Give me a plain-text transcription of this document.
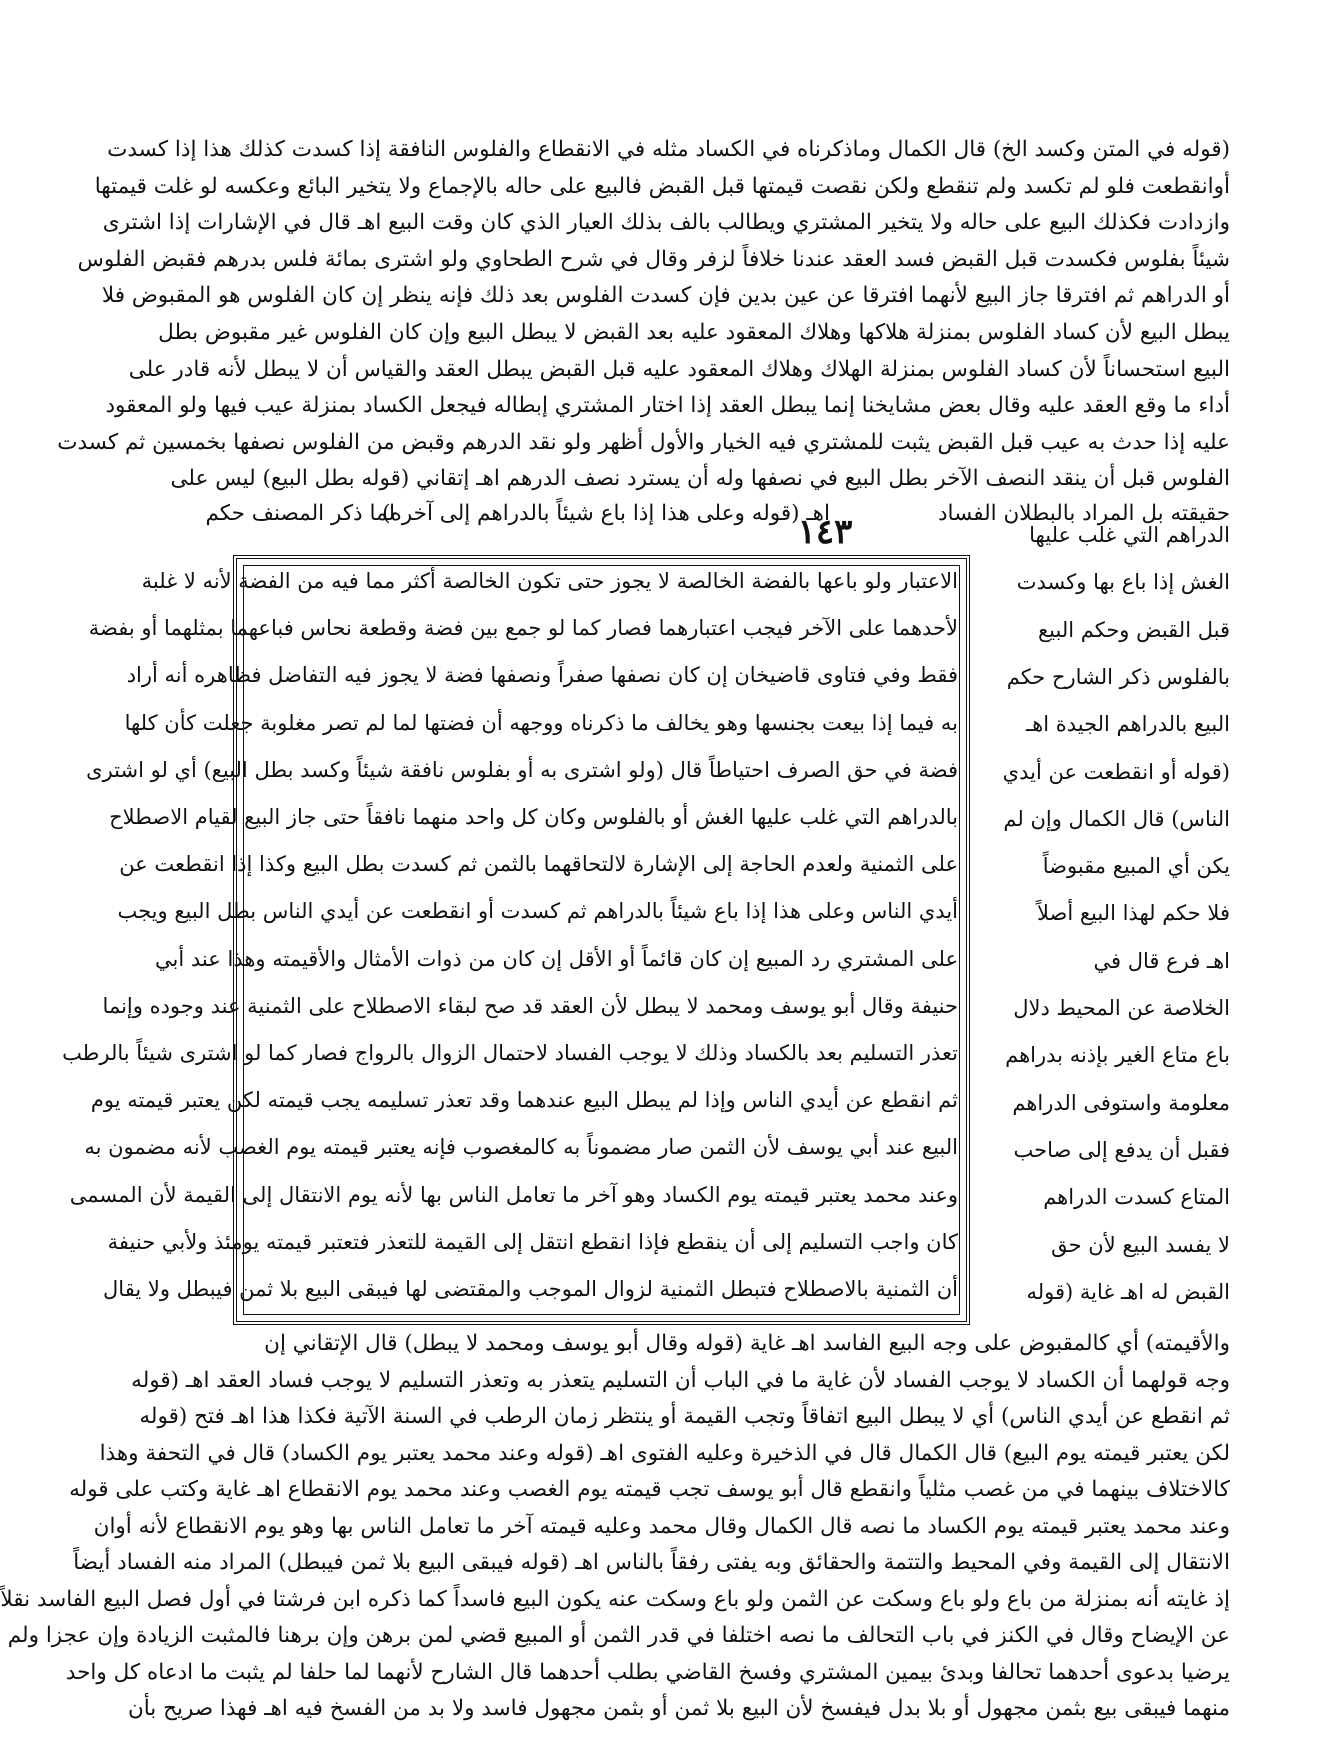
(قوله في المتن وكسد الخ) قال الكمال وماذكرناه في الكساد مثله في الانقطاع والفلوس النافقة إذا كسدت كذلك هذا إذا كسدت
أوانقطعت فلو لم تكسد ولم تنقطع ولكن نقصت قيمتها قبل القبض فالبيع على حاله بالإجماع ولا يتخير البائع وعكسه لو غلت قيمتها
وازدادت فكذلك البيع على حاله ولا يتخير المشتري ويطالب بالف بذلك العيار الذي كان وقت البيع اهـ قال في الإشارات إذا اشترى
شيئاً بفلوس فكسدت قبل القبض فسد العقد عندنا خلافاً لزفر وقال في شرح الطحاوي ولو اشترى بمائة فلس بدرهم فقبض الفلوس
أو الدراهم ثم افترقا جاز البيع لأنهما افترقا عن عين بدين فإن كسدت الفلوس بعد ذلك فإنه ينظر إن كان الفلوس هو المقبوض فلا
يبطل البيع لأن كساد الفلوس بمنزلة هلاكها وهلاك المعقود عليه بعد القبض لا يبطل البيع وإن كان الفلوس غير مقبوض بطل
البيع استحساناً لأن كساد الفلوس بمنزلة الهلاك وهلاك المعقود عليه قبل القبض يبطل العقد والقياس أن لا يبطل لأنه قادر على
أداء ما وقع العقد عليه وقال بعض مشايخنا إنما يبطل العقد إذا اختار المشتري إبطاله فيجعل الكساد بمنزلة عيب فيها ولو المعقود
عليه إذا حدث به عيب قبل القبض يثبت للمشتري فيه الخيار والأول أظهر ولو نقد الدرهم وقبض من الفلوس نصفها بخمسين ثم كسدت
الفلوس قبل أن ينقد النصف الآخر بطل البيع في نصفها وله أن يسترد نصف الدرهم اهـ إتقاني (قوله بطل البيع) ليس على
حقيقته بل المراد بالبطلان الفساد
اهـ (قوله وعلى هذا إذا باع شيئاً بالدراهم إلى آخره)
١٤٣
لما ذكر المصنف حكم
الاعتبار ولو باعها بالفضة الخالصة لا يجوز حتى تكون الخالصة أكثر مما فيه من الفضة لأنه لا غلبة
لأحدهما على الآخر فيجب اعتبارهما فصار كما لو جمع بين فضة وقطعة نحاس فباعهما بمثلهما أو بفضة
فقط وفي فتاوى قاضيخان إن كان نصفها صفراً ونصفها فضة لا يجوز فيه التفاضل فظاهره أنه أراد
به فيما إذا بيعت بجنسها وهو يخالف ما ذكرناه ووجهه أن فضتها لما لم تصر مغلوبة جعلت كأن كلها
فضة في حق الصرف احتياطاً قال (ولو اشترى به أو بفلوس نافقة شيئاً وكسد بطل البيع) أي لو اشترى
بالدراهم التي غلب عليها الغش أو بالفلوس وكان كل واحد منهما نافقاً حتى جاز البيع لقيام الاصطلاح
على الثمنية ولعدم الحاجة إلى الإشارة لالتحاقهما بالثمن ثم كسدت بطل البيع وكذا إذا انقطعت عن
أيدي الناس وعلى هذا إذا باع شيئاً بالدراهم ثم كسدت أو انقطعت عن أيدي الناس بطل البيع ويجب
على المشتري رد المبيع إن كان قائماً أو الأقل إن كان من ذوات الأمثال والأقيمته وهذا عند أبي
حنيفة وقال أبو يوسف ومحمد لا يبطل لأن العقد قد صح لبقاء الاصطلاح على الثمنية عند وجوده وإنما
تعذر التسليم بعد بالكساد وذلك لا يوجب الفساد لاحتمال الزوال بالرواج فصار كما لو اشترى شيئاً بالرطب
ثم انقطع عن أيدي الناس وإذا لم يبطل البيع عندهما وقد تعذر تسليمه يجب قيمته لكن يعتبر قيمته يوم
البيع عند أبي يوسف لأن الثمن صار مضموناً به كالمغصوب فإنه يعتبر قيمته يوم الغصب لأنه مضمون به
وعند محمد يعتبر قيمته يوم الكساد وهو آخر ما تعامل الناس بها لأنه يوم الانتقال إلى القيمة لأن المسمى
كان واجب التسليم إلى أن ينقطع فإذا انقطع انتقل إلى القيمة للتعذر فتعتبر قيمته يومئذ ولأبي حنيفة
أن الثمنية بالاصطلاح فتبطل الثمنية لزوال الموجب والمقتضى لها فيبقى البيع بلا ثمن فيبطل ولا يقال
الدراهم التي غلب عليها
الغش إذا باع بها وكسدت
قبل القبض وحكم البيع
بالفلوس ذكر الشارح حكم
البيع بالدراهم الجيدة اهـ
(قوله أو انقطعت عن أيدي
الناس) قال الكمال وإن لم
يكن أي المبيع مقبوضاً
فلا حكم لهذا البيع أصلاً
اهـ فرع قال في
الخلاصة عن المحيط دلال
باع متاع الغير بإذنه بدراهم
معلومة واستوفى الدراهم
فقبل أن يدفع إلى صاحب
المتاع كسدت الدراهم
لا يفسد البيع لأن حق
القبض له اهـ غاية (قوله
والأقيمته) أي كالمقبوض على وجه البيع الفاسد اهـ غاية (قوله وقال أبو يوسف ومحمد لا يبطل) قال الإتقاني إن
وجه قولهما أن الكساد لا يوجب الفساد لأن غاية ما في الباب أن التسليم يتعذر به وتعذر التسليم لا يوجب فساد العقد اهـ (قوله
ثم انقطع عن أيدي الناس) أي لا يبطل البيع اتفاقاً وتجب القيمة أو ينتظر زمان الرطب في السنة الآتية فكذا هذا اهـ فتح (قوله
لكن يعتبر قيمته يوم البيع) قال الكمال قال في الذخيرة وعليه الفتوى اهـ (قوله وعند محمد يعتبر يوم الكساد) قال في التحفة وهذا
كالاختلاف بينهما في من غصب مثلياً وانقطع قال أبو يوسف تجب قيمته يوم الغصب وعند محمد يوم الانقطاع اهـ غاية وكتب على قوله
وعند محمد يعتبر قيمته يوم الكساد ما نصه قال الكمال وقال محمد وعليه قيمته آخر ما تعامل الناس بها وهو يوم الانقطاع لأنه أوان
الانتقال إلى القيمة وفي المحيط والتتمة والحقائق وبه يفتى رفقاً بالناس اهـ (قوله فيبقى البيع بلا ثمن فيبطل) المراد منه الفساد أيضاً
إذ غايته أنه بمنزلة من باع ولو باع وسكت عن الثمن ولو باع وسكت عنه يكون البيع فاسداً كما ذكره ابن فرشتا في أول فصل البيع الفاسد نقلاً
عن الإيضاح وقال في الكنز في باب التحالف ما نصه اختلفا في قدر الثمن أو المبيع قضي لمن برهن وإن برهنا فالمثبت الزيادة وإن عجزا ولم
يرضيا بدعوى أحدهما تحالفا وبدئ بيمين المشتري وفسخ القاضي بطلب أحدهما قال الشارح لأنهما لما حلفا لم يثبت ما ادعاه كل واحد
منهما فيبقى بيع بثمن مجهول أو بلا بدل فيفسخ لأن البيع بلا ثمن أو بثمن مجهول فاسد ولا بد من الفسخ فيه اهـ فهذا صريح بأن
